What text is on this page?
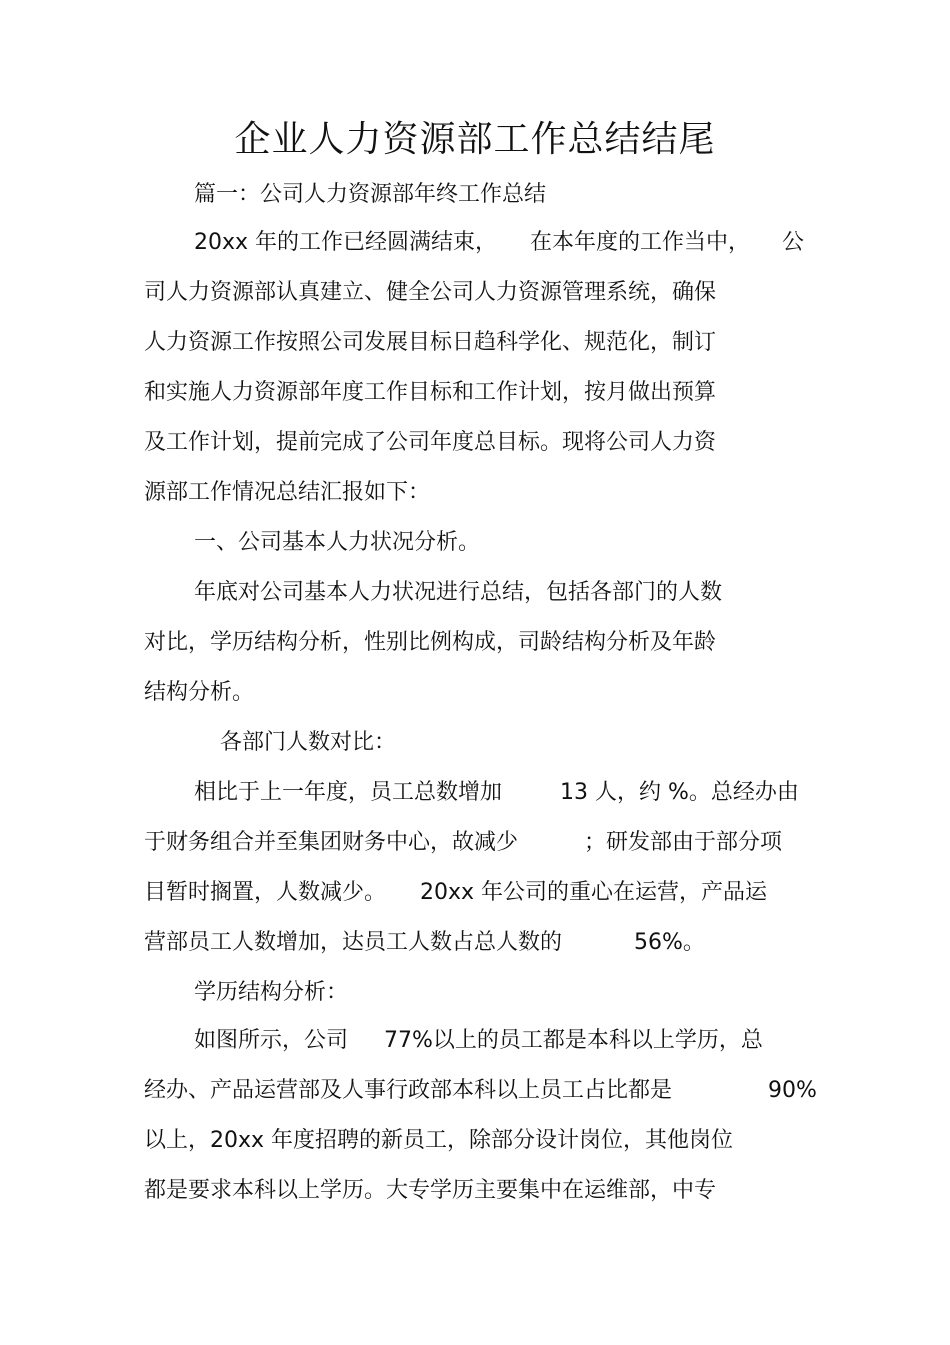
企业人力资源部工作总结结尾
篇一：公司人力资源部年终工作总结
20xx 年的工作已经圆满结束， 在本年度的工作当中， 公
司人力资源部认真建立、健全公司人力资源管理系统，确保
人力资源工作按照公司发展目标日趋科学化、规范化，制订
和实施人力资源部年度工作目标和工作计划，按月做出预算
及工作计划，提前完成了公司年度总目标。现将公司人力资
源部工作情况总结汇报如下：
一、公司基本人力状况分析。
年底对公司基本人力状况进行总结，包括各部门的人数
对比，学历结构分析，性别比例构成，司龄结构分析及年龄
结构分析。
各部门人数对比：
相比于上一年度，员工总数增加	13 人，约 %。总经办由
于财务组合并至集团财务中心，故减少	；研发部由于部分项
目暂时搁置，人数减少。 20xx 年公司的重心在运营，产品运
营部员工人数增加，达员工人数占总人数的	56%。
学历结构分析：
如图所示，公司 77%以上的员工都是本科以上学历，总
经办、产品运营部及人事行政部本科以上员工占比都是	90%
以上，20xx 年度招聘的新员工，除部分设计岗位，其他岗位
都是要求本科以上学历。大专学历主要集中在运维部，中专
